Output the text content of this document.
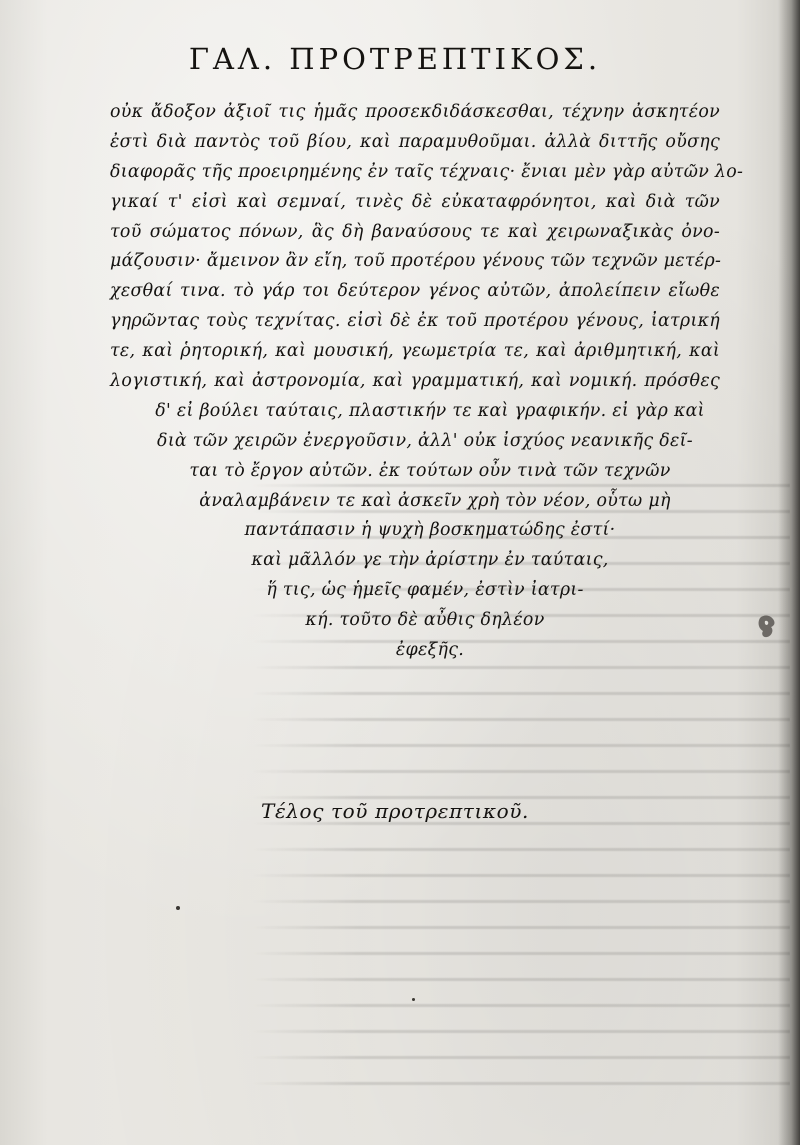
ΓΑΛ. ΠΡΟΤΡΕΠΤΙΚΟΣ.
οὐκ ἄδοξον ἀξιοῖ τις ἡμᾶς προσεκδιδάσκεσθαι, τέχνην ἀσκητέον
ἐστὶ διὰ παντὸς τοῦ βίου, καὶ παραμυθοῦμαι. ἀλλὰ διττῆς οὔσης
διαφορᾶς τῆς προειρημένης ἐν ταῖς τέχναις· ἔνιαι μὲν γὰρ αὐτῶν λο-
γικαί τ' εἰσὶ καὶ σεμναί, τινὲς δὲ εὐκαταφρόνητοι, καὶ διὰ τῶν
τοῦ σώματος πόνων, ἃς δὴ βαναύσους τε καὶ χειρωναξικὰς ὀνο-
μάζουσιν· ἄμεινον ἂν εἴη, τοῦ προτέρου γένους τῶν τεχνῶν μετέρ-
χεσθαί τινα. τὸ γάρ τοι δεύτερον γένος αὐτῶν, ἀπολείπειν εἴωθε
γηρῶντας τοὺς τεχνίτας. εἰσὶ δὲ ἐκ τοῦ προτέρου γένους, ἰατρική
τε, καὶ ῥητορική, καὶ μουσική, γεωμετρία τε, καὶ ἀριθμητική, καὶ
λογιστική, καὶ ἀστρονομία, καὶ γραμματική, καὶ νομική. πρόσθες
δ' εἰ βούλει ταύταις, πλαστικήν τε καὶ γραφικήν. εἰ γὰρ καὶ
διὰ τῶν χειρῶν ἐνεργοῦσιν, ἀλλ' οὐκ ἰσχύος νεανικῆς δεῖ-
ται τὸ ἔργον αὐτῶν. ἐκ τούτων οὖν τινὰ τῶν τεχνῶν
ἀναλαμβάνειν τε καὶ ἀσκεῖν χρὴ τὸν νέον, οὗτω μὴ
παντάπασιν ἡ ψυχὴ βοσκηματώδης ἐστί·
καὶ μᾶλλόν γε τὴν ἀρίστην ἐν ταύταις,
ἥ τις, ὡς ἡμεῖς φαμέν, ἐστὶν ἰατρι-
κή. τοῦτο δὲ αὖθις δηλέον
ἐφεξῆς.
Τέλος τοῦ προτρεπτικοῦ.
